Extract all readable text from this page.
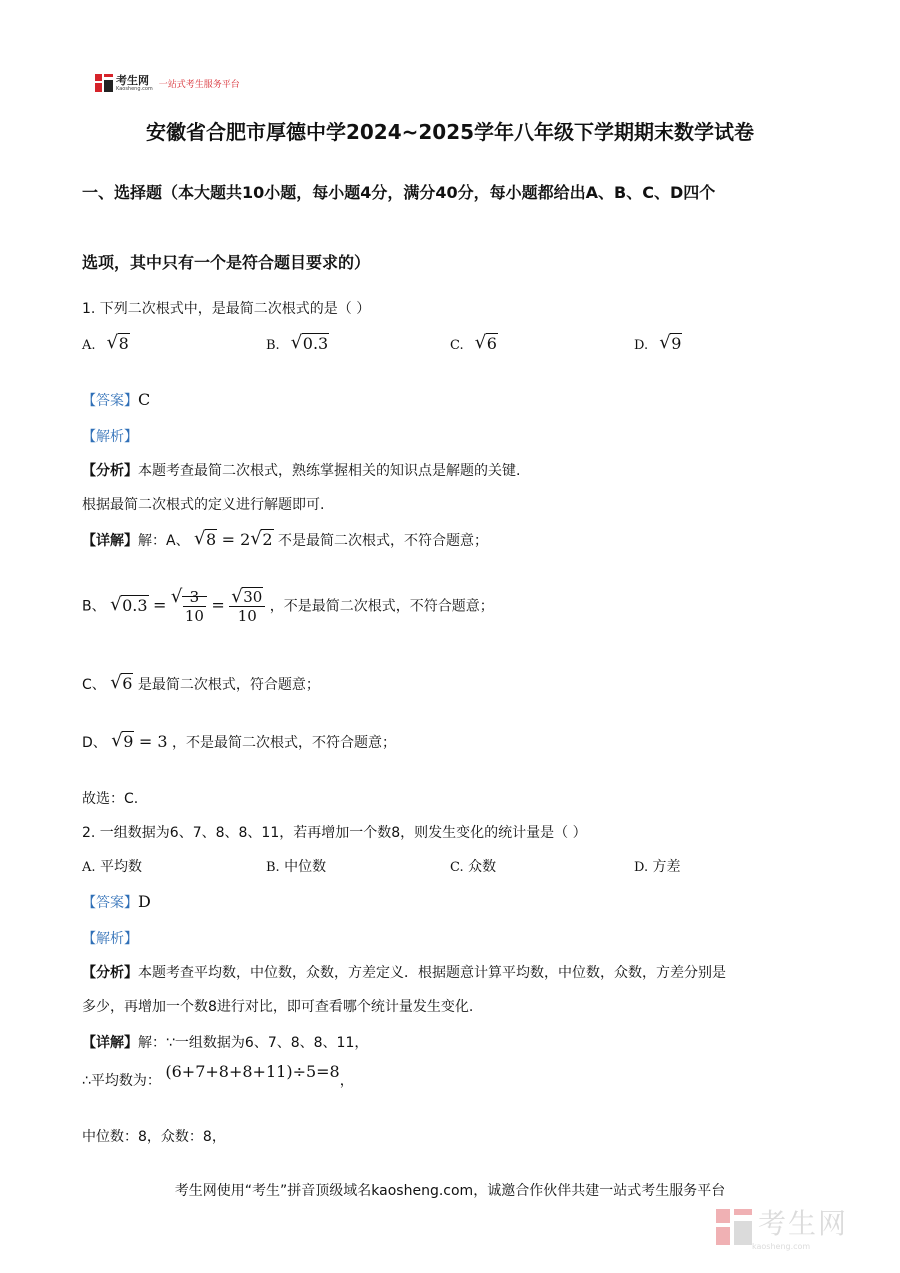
考生网
Kaosheng.com 一站式考生服务平台
安徽省合肥市厚德中学2024~2025学年八年级下学期期末数学试卷
一、选择题（本大题共10小题，每小题4分，满分40分，每小题都给出A、B、C、D四个
选项，其中只有一个是符合题目要求的）
1. 下列二次根式中，是最简二次根式的是（ ）
A. √ 8	B. √ 0.3	C. √ 6	D. √ 9
【答案】C
【解析】
【分析】本题考查最简二次根式，熟练掌握相关的知识点是解题的关键.
根据最简二次根式的定义进行解题即可.
【详解】解：A、 √ 8 = 2 √ 2 不是最简二次根式，不符合题意；
B、 √ 0.3 = √ $\frac{3}{10}$ = √ $\frac{30}{10}$ ，不是最简二次根式，不符合题意；
C、 √ 6 是最简二次根式，符合题意；
D、 √ 9 = 3 ，不是最简二次根式，不符合题意；
故选：C.
2. 一组数据为6、7、8、8、11，若再增加一个数8，则发生变化的统计量是（ ）
A. 平均数	B. 中位数	C. 众数	D. 方差
【答案】D
【解析】
【分析】本题考查平均数，中位数，众数，方差定义．根据题意计算平均数，中位数，众数，方差分别是
多少，再增加一个数8进行对比，即可查看哪个统计量发生变化.
【详解】解：∵一组数据为6、7、8、8、11，
∴平均数为： (6+7+8+8+11)÷5=8，
中位数：8，众数：8，
考生网使用“考生”拼音顶级域名kaosheng.com，诚邀合作伙伴共建一站式考生服务平台
考生网
kaosheng.com
